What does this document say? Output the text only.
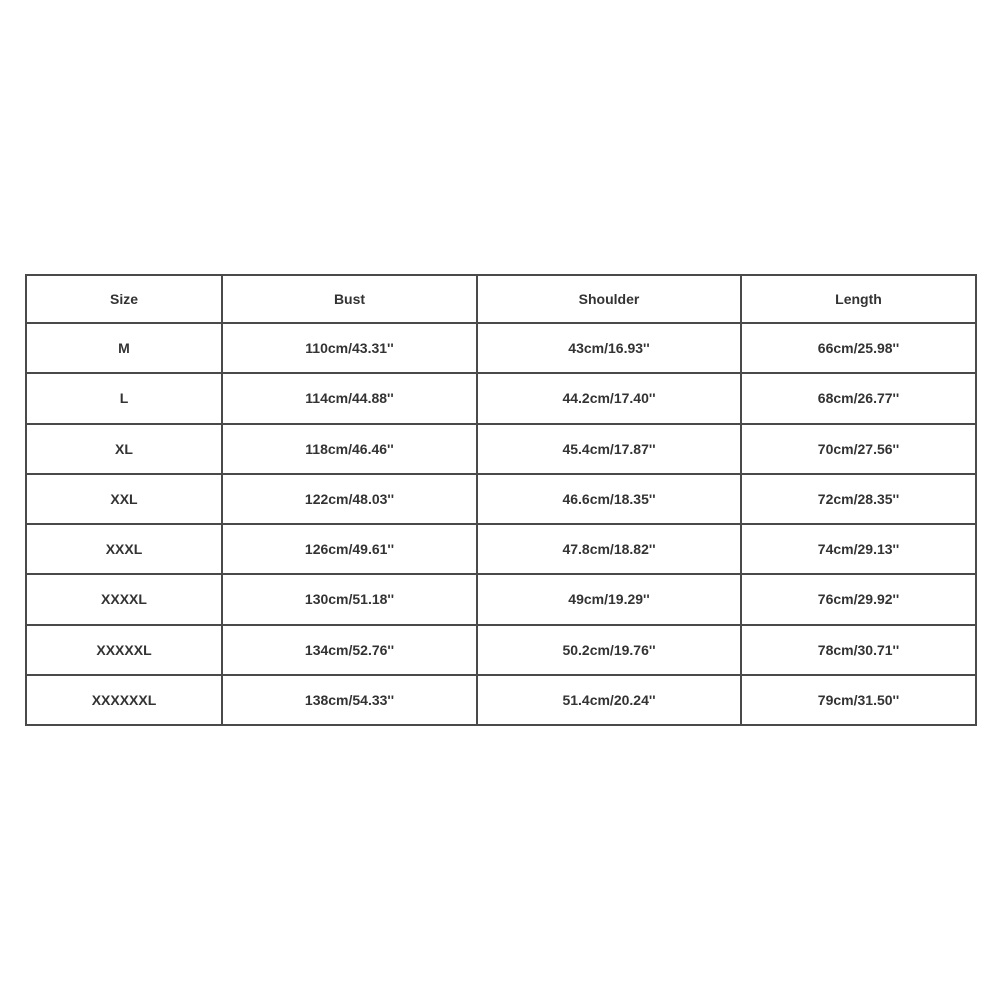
Size	Bust	Shoulder	Length
M	110cm/43.31''	43cm/16.93''	66cm/25.98''
L	114cm/44.88''	44.2cm/17.40''	68cm/26.77''
XL	118cm/46.46''	45.4cm/17.87''	70cm/27.56''
XXL	122cm/48.03''	46.6cm/18.35''	72cm/28.35''
XXXL	126cm/49.61''	47.8cm/18.82''	74cm/29.13''
XXXXL	130cm/51.18''	49cm/19.29''	76cm/29.92''
XXXXXL	134cm/52.76''	50.2cm/19.76''	78cm/30.71''
XXXXXXL	138cm/54.33''	51.4cm/20.24''	79cm/31.50''
